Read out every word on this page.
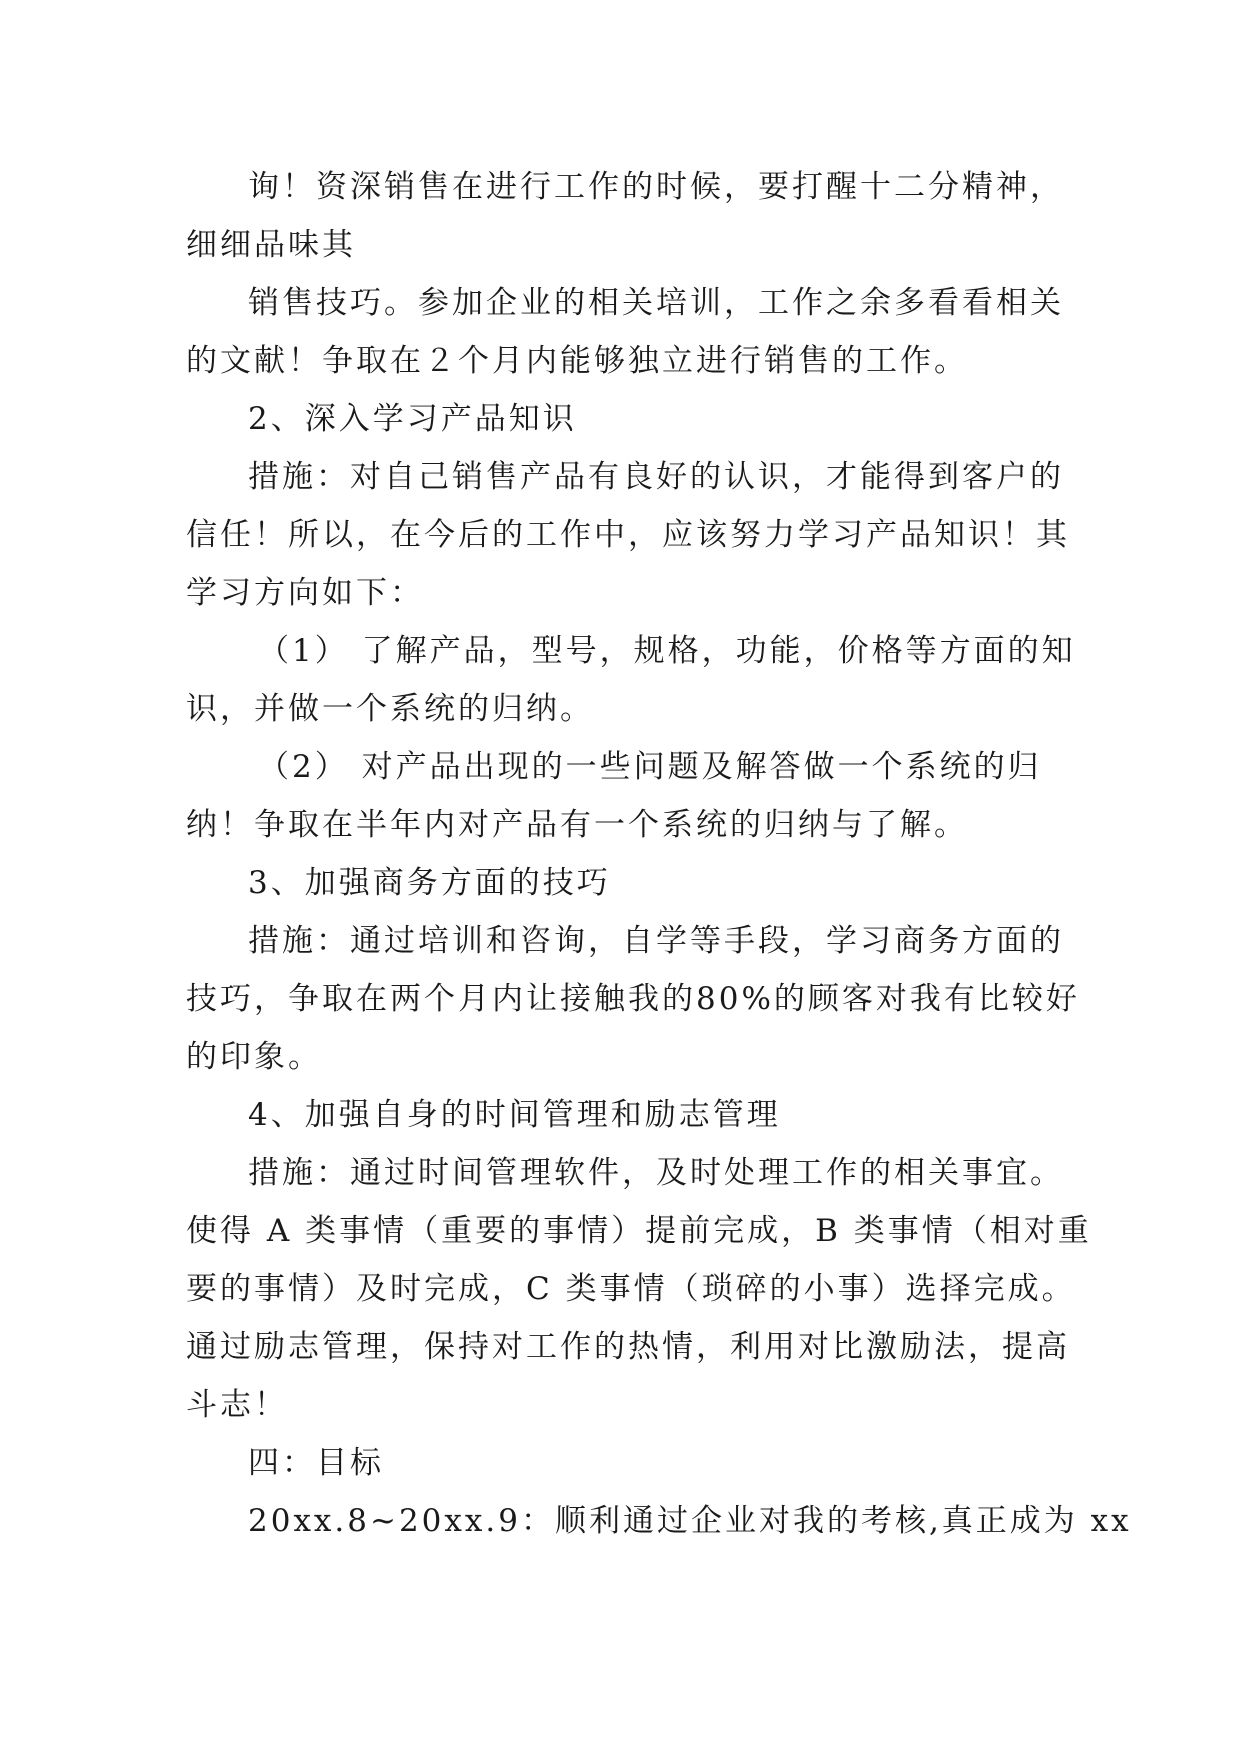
询！资深销售在进行工作的时候，要打醒十二分精神，
细细品味其
销售技巧。参加企业的相关培训，工作之余多看看相关
的文献！争取在２个月内能够独立进行销售的工作。
2、深入学习产品知识
措施：对自己销售产品有良好的认识，才能得到客户的
信任！所以，在今后的工作中，应该努力学习产品知识！其
学习方向如下：
（1） 了解产品，型号，规格，功能，价格等方面的知
识，并做一个系统的归纳。
（2） 对产品出现的一些问题及解答做一个系统的归
纳！争取在半年内对产品有一个系统的归纳与了解。
3、加强商务方面的技巧
措施：通过培训和咨询，自学等手段，学习商务方面的
技巧，争取在两个月内让接触我的80%的顾客对我有比较好
的印象。
4、加强自身的时间管理和励志管理
措施：通过时间管理软件，及时处理工作的相关事宜。
使得 A 类事情（重要的事情）提前完成，B 类事情（相对重
要的事情）及时完成，C 类事情（琐碎的小事）选择完成。
通过励志管理，保持对工作的热情，利用对比激励法，提高
斗志！
四：目标
20xx.8~20xx.9：顺利通过企业对我的考核,真正成为 xx
